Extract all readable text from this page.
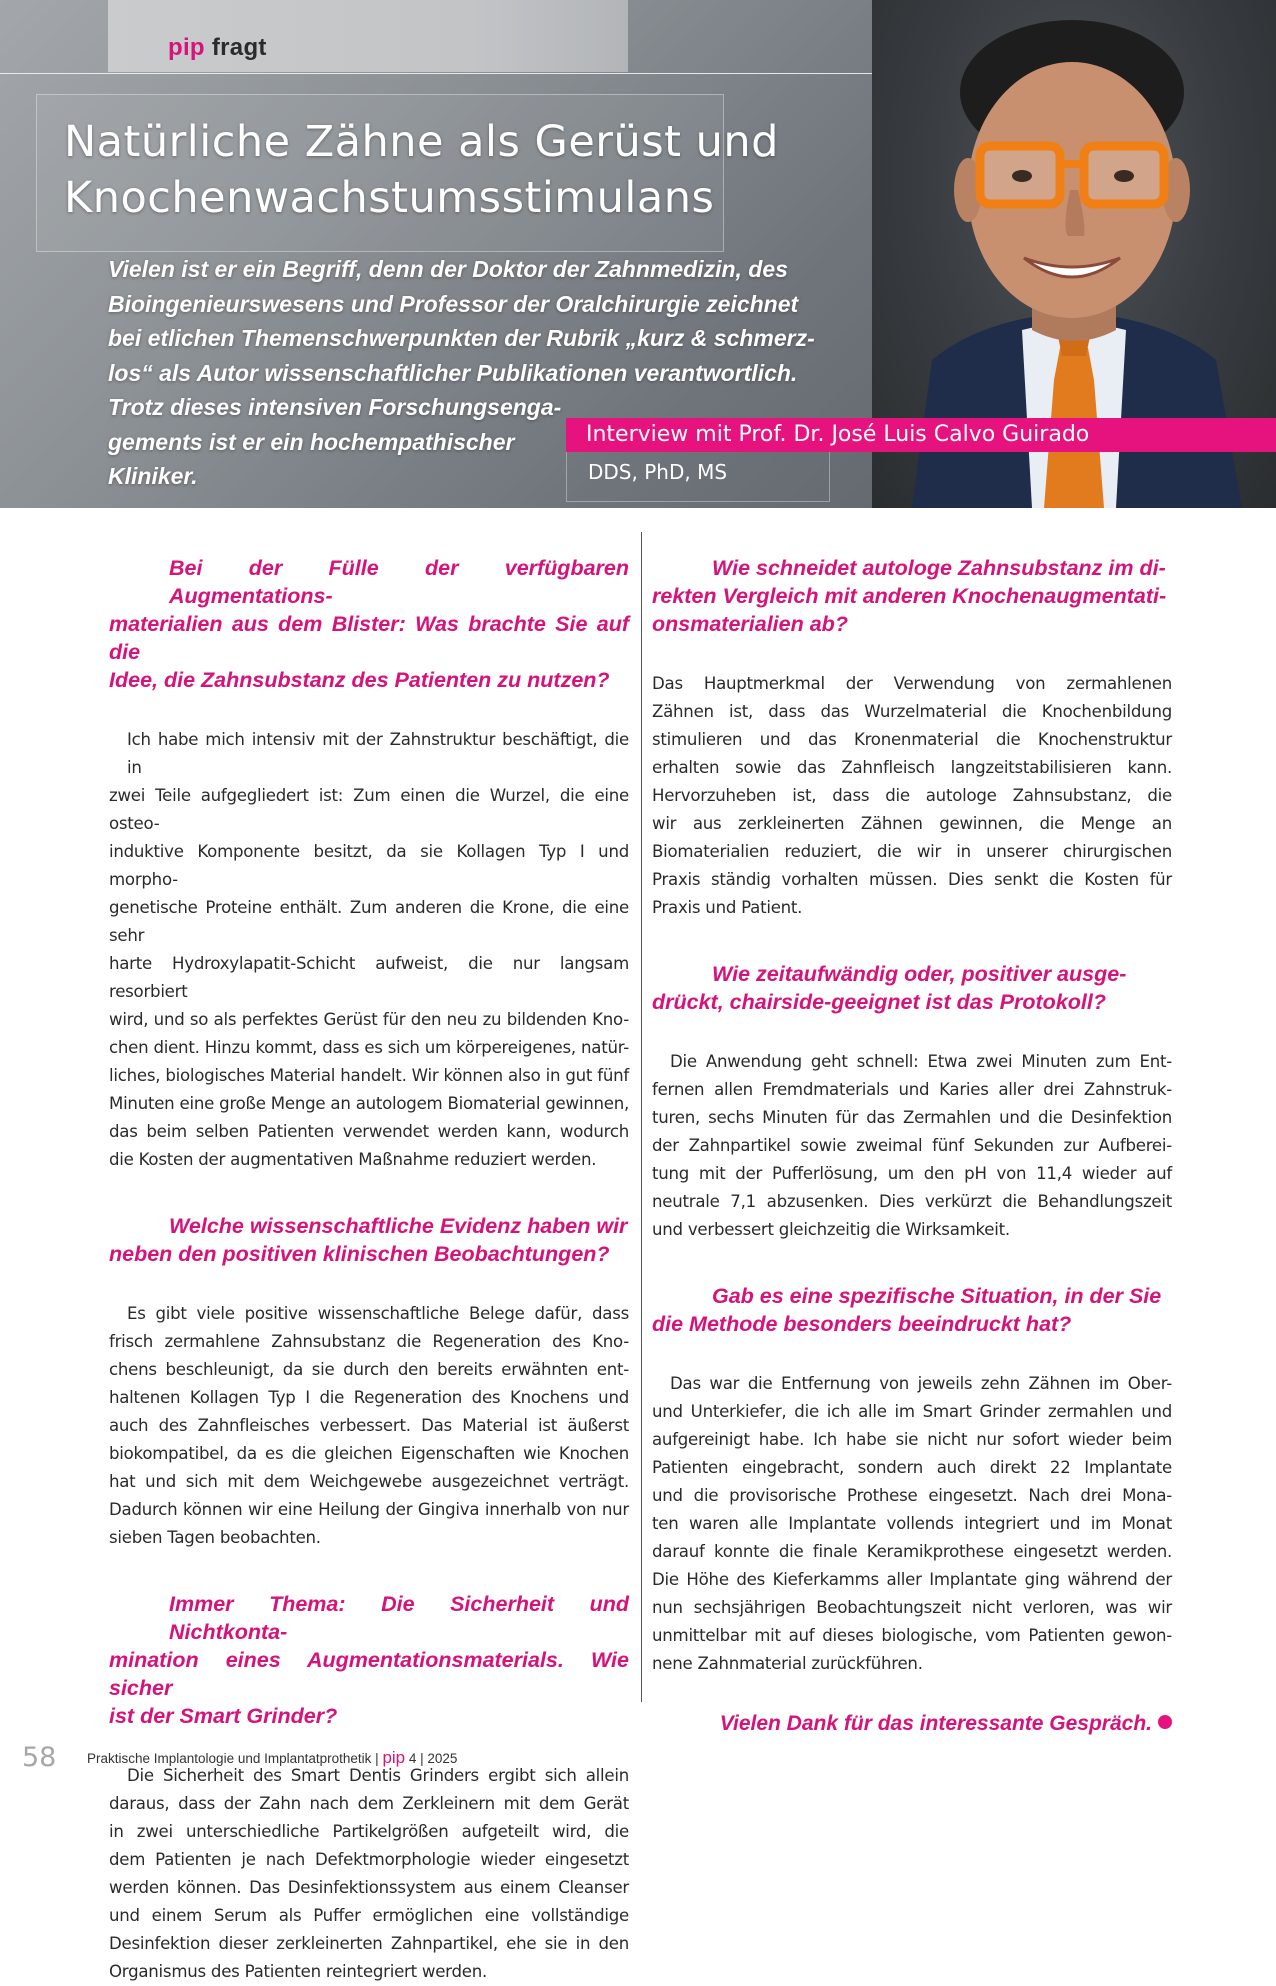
pip fragt
Natürliche Zähne als Gerüst und
Knochenwachstumsstimulans

Vielen ist er ein Begriff, denn der Doktor der Zahnmedizin, des
Bioingenieurswesens und Professor der Oralchirurgie zeichnet
bei etlichen Themenschwerpunkten der Rubrik „kurz & schmerz-
los“ als Autor wissenschaftlicher Publikationen verantwortlich.
Trotz dieses intensiven Forschungsenga-
gements ist er ein hochempathischer
Kliniker.

Interview mit Prof. Dr. José Luis Calvo Guirado
DDS, PhD, MS

Bei der Fülle der verfügbaren Augmentations-
materialien aus dem Blister: Was brachte Sie auf die
Idee, die Zahnsubstanz des Patienten zu nutzen?

Ich habe mich intensiv mit der Zahnstruktur beschäftigt, die in
zwei Teile aufgegliedert ist: Zum einen die Wurzel, die eine osteo-
induktive Komponente besitzt, da sie Kollagen Typ I und morpho-
genetische Proteine enthält. Zum anderen die Krone, die eine sehr
harte Hydroxylapatit-Schicht aufweist, die nur langsam resorbiert
wird, und so als perfektes Gerüst für den neu zu bildenden Kno-
chen dient. Hinzu kommt, dass es sich um körpereigenes, natür-
liches, biologisches Material handelt. Wir können also in gut fünf
Minuten eine große Menge an autologem Biomaterial gewinnen,
das beim selben Patienten verwendet werden kann, wodurch
die Kosten der augmentativen Maßnahme reduziert werden.

Welche wissenschaftliche Evidenz haben wir
neben den positiven klinischen Beobachtungen?

Es gibt viele positive wissenschaftliche Belege dafür, dass
frisch zermahlene Zahnsubstanz die Regeneration des Kno-
chens beschleunigt, da sie durch den bereits erwähnten ent-
haltenen Kollagen Typ I die Regeneration des Knochens und
auch des Zahnfleisches verbessert. Das Material ist äußerst
biokompatibel, da es die gleichen Eigenschaften wie Knochen
hat und sich mit dem Weichgewebe ausgezeichnet verträgt.
Dadurch können wir eine Heilung der Gingiva innerhalb von nur
sieben Tagen beobachten.

Immer Thema: Die Sicherheit und Nichtkonta-
mination eines Augmentationsmaterials. Wie sicher
ist der Smart Grinder?

Die Sicherheit des Smart Dentis Grinders ergibt sich allein
daraus, dass der Zahn nach dem Zerkleinern mit dem Gerät
in zwei unterschiedliche Partikelgrößen aufgeteilt wird, die
dem Patienten je nach Defektmorphologie wieder eingesetzt
werden können. Das Desinfektionssystem aus einem Cleanser
und einem Serum als Puffer ermöglichen eine vollständige
Desinfektion dieser zerkleinerten Zahnpartikel, ehe sie in den
Organismus des Patienten reintegriert werden.

Wie schneidet autologe Zahnsubstanz im di-
rekten Vergleich mit anderen Knochenaugmentati-
onsmaterialien ab?

Das Hauptmerkmal der Verwendung von zermahlenen
Zähnen ist, dass das Wurzelmaterial die Knochenbildung
stimulieren und das Kronenmaterial die Knochenstruktur
erhalten sowie das Zahnfleisch langzeitstabilisieren kann.
Hervorzuheben ist, dass die autologe Zahnsubstanz, die
wir aus zerkleinerten Zähnen gewinnen, die Menge an
Biomaterialien reduziert, die wir in unserer chirurgischen
Praxis ständig vorhalten müssen. Dies senkt die Kosten für
Praxis und Patient.

Wie zeitaufwändig oder, positiver ausge-
drückt, chairside-geeignet ist das Protokoll?

Die Anwendung geht schnell: Etwa zwei Minuten zum Ent-
fernen allen Fremdmaterials und Karies aller drei Zahnstruk-
turen, sechs Minuten für das Zermahlen und die Desinfektion
der Zahnpartikel sowie zweimal fünf Sekunden zur Aufberei-
tung mit der Pufferlösung, um den pH von 11,4 wieder auf
neutrale 7,1 abzusenken. Dies verkürzt die Behandlungszeit
und verbessert gleichzeitig die Wirksamkeit.

Gab es eine spezifische Situation, in der Sie
die Methode besonders beeindruckt hat?

Das war die Entfernung von jeweils zehn Zähnen im Ober-
und Unterkiefer, die ich alle im Smart Grinder zermahlen und
aufgereinigt habe. Ich habe sie nicht nur sofort wieder beim
Patienten eingebracht, sondern auch direkt 22 Implantate
und die provisorische Prothese eingesetzt. Nach drei Mona-
ten waren alle Implantate vollends integriert und im Monat
darauf konnte die finale Keramikprothese eingesetzt werden.
Die Höhe des Kieferkamms aller Implantate ging während der
nun sechsjährigen Beobachtungszeit nicht verloren, was wir
unmittelbar mit auf dieses biologische, vom Patienten gewon-
nene Zahnmaterial zurückführen.

Vielen Dank für das interessante Gespräch.

58 Praktische Implantologie und Implantatprothetik | pip 4 | 2025
